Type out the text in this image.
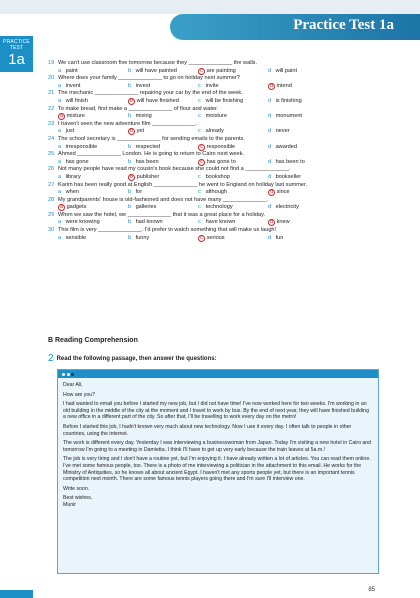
Practice Test 1a
PRACTICE TEST
1a
14
85
19 We can't use classroom five tomorrow because they ______________ the walls.
a paint	b will have painted	c are painting	d will paint
20 Where does your family ______________ to go on holiday next summer?
a invent	b invest	c invite	d intend
21 The mechanic ______________ repairing your car by the end of the week.
a will finish	b will have finished	c will be finishing	d is finishing
22 To make bread, first make a ______________ of flour and water.
a mixture	b mixing	c moisture	d monument
23 I haven't seen the new adventure film ______________.
a just	b yet	c already	d never
24 The school secretary is ______________ for sending emails to the parents.
a irresponsible	b respected	c responsible	d awarded
25 Ahmed ______________ London. He is going to return to Cairo next week.
a has gone	b has been	c has gone to	d has been to
26 Not many people have read my cousin's book because she could not find a ______________.
a library	b publisher	c bookshop	d bookseller
27 Karim has been really good at English ______________ he went to England on holiday last summer.
a when	b for	c although	d since
28 My grandparents' house is old-fashioned and does not have many ______________.
a gadgets	b galleries	c technology	d electricity
29 When we saw the hotel, we ______________ that it was a great place for a holiday.
a were knowing	b had known	c have known	d knew
30 This film is very ______________. I'd prefer to watch something that will make us laugh!
a sensible	b funny	c serious	d fun
B Reading Comprehension
2 Read the following passage, then answer the questions:

Dear Ali,

How are you?

I had wanted to email you before I started my new job, but I did not have time! I've now worked here for two weeks. I'm working in an old building in the middle of the city at the moment and I travel to work by bus. By the end of next year, they will have finished building a new office in a different part of the city. So after that, I'll be travelling to work every day on the metro!

Before I started this job, I hadn't known very much about new technology. Now I use it every day. I often talk to people in other countries, using the internet.

The work is different every day. Yesterday I was interviewing a businesswoman from Japan. Today I'm visiting a new hotel in Cairo and tomorrow I'm going to a meeting in Damietta. I think I'll have to get up very early because the train leaves at 5a.m.!

The job is very tiring and I don't have a routine yet, but I'm enjoying it. I have already written a lot of articles. You can read them online. I've met some famous people, too. There is a photo of me interviewing a politician in the attachment to this email. He works for the Ministry of Antiquities, so he knows all about ancient Egypt. I haven't met any sports people yet, but there is an important tennis competition next month. There are some famous tennis players going there and I'm sure I'll interview one.

Write soon.

Best wishes,

Munir
